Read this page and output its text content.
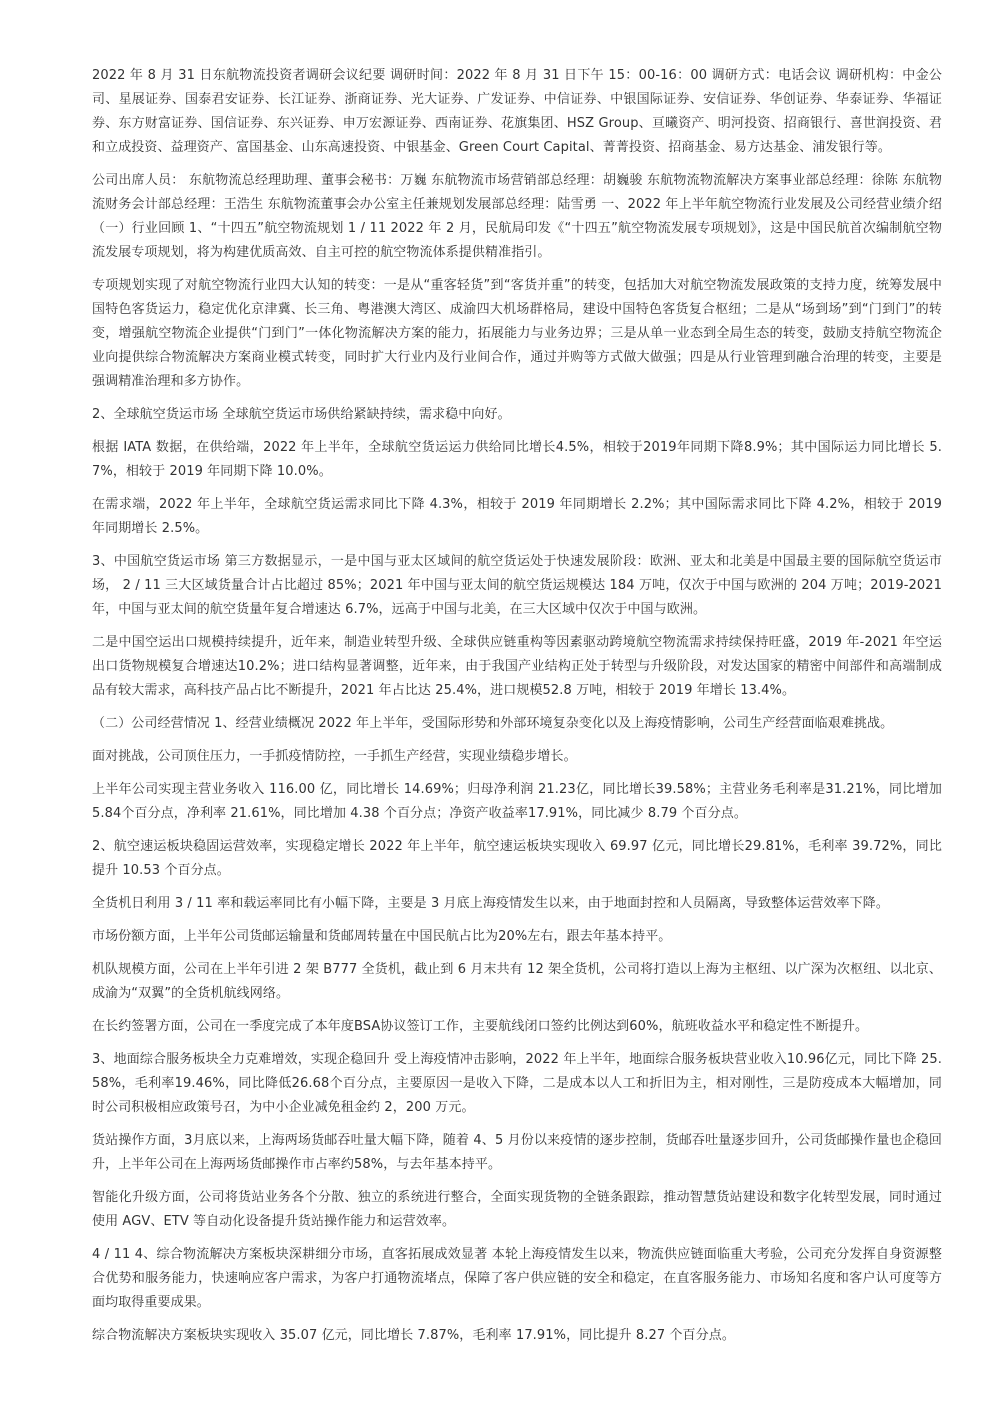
2022 年 8 月 31 日东航物流投资者调研会议纪要 调研时间：2022 年 8 月 31 日下午 15：00-16：00 调研方式：电话会议 调研机构：中金公司、星展证券、国泰君安证券、长江证券、浙商证券、光大证券、广发证券、中信证券、中银国际证券、安信证券、华创证券、华泰证券、华福证券、东方财富证券、国信证券、东兴证券、申万宏源证券、西南证券、花旗集团、HSZ Group、亘曦资产、明河投资、招商银行、喜世润投资、君和立成投资、益理资产、富国基金、山东高速投资、中银基金、Green Court Capital、菁菁投资、招商基金、易方达基金、浦发银行等。

公司出席人员： 东航物流总经理助理、董事会秘书：万巍 东航物流市场营销部总经理：胡巍骏 东航物流物流解决方案事业部总经理：徐陈 东航物流财务会计部总经理：王浩生 东航物流董事会办公室主任兼规划发展部总经理：陆雪勇 一、2022 年上半年航空物流行业发展及公司经营业绩介绍 （一）行业回顾 1、“十四五”航空物流规划 1 / 11 2022 年 2 月，民航局印发《“十四五”航空物流发展专项规划》，这是中国民航首次编制航空物流发展专项规划，将为构建优质高效、自主可控的航空物流体系提供精准指引。

专项规划实现了对航空物流行业四大认知的转变：一是从“重客轻货”到“客货并重”的转变，包括加大对航空物流发展政策的支持力度，统筹发展中国特色客货运力，稳定优化京津冀、长三角、粤港澳大湾区、成渝四大机场群格局，建设中国特色客货复合枢纽；二是从“场到场”到“门到门”的转变，增强航空物流企业提供“门到门”一体化物流解决方案的能力，拓展能力与业务边界；三是从单一业态到全局生态的转变，鼓励支持航空物流企业向提供综合物流解决方案商业模式转变，同时扩大行业内及行业间合作，通过并购等方式做大做强；四是从行业管理到融合治理的转变，主要是强调精准治理和多方协作。

2、全球航空货运市场 全球航空货运市场供给紧缺持续，需求稳中向好。

根据 IATA 数据，在供给端，2022 年上半年，全球航空货运运力供给同比增长4.5%，相较于2019年同期下降8.9%；其中国际运力同比增长 5.7%，相较于 2019 年同期下降 10.0%。

在需求端，2022 年上半年，全球航空货运需求同比下降 4.3%，相较于 2019 年同期增长 2.2%；其中国际需求同比下降 4.2%，相较于 2019 年同期增长 2.5%。

3、中国航空货运市场 第三方数据显示，一是中国与亚太区域间的航空货运处于快速发展阶段：欧洲、亚太和北美是中国最主要的国际航空货运市场， 2 / 11 三大区域货量合计占比超过 85%；2021 年中国与亚太间的航空货运规模达 184 万吨，仅次于中国与欧洲的 204 万吨；2019-2021 年，中国与亚太间的航空货量年复合增速达 6.7%，远高于中国与北美，在三大区域中仅次于中国与欧洲。

二是中国空运出口规模持续提升，近年来，制造业转型升级、全球供应链重构等因素驱动跨境航空物流需求持续保持旺盛，2019 年-2021 年空运出口货物规模复合增速达10.2%；进口结构显著调整，近年来，由于我国产业结构正处于转型与升级阶段，对发达国家的精密中间部件和高端制成品有较大需求，高科技产品占比不断提升，2021 年占比达 25.4%，进口规模52.8 万吨，相较于 2019 年增长 13.4%。

（二）公司经营情况 1、经营业绩概况 2022 年上半年，受国际形势和外部环境复杂变化以及上海疫情影响，公司生产经营面临艰难挑战。

面对挑战，公司顶住压力，一手抓疫情防控，一手抓生产经营，实现业绩稳步增长。

上半年公司实现主营业务收入 116.00 亿，同比增长 14.69%；归母净利润 21.23亿，同比增长39.58%；主营业务毛利率是31.21%，同比增加5.84个百分点，净利率 21.61%，同比增加 4.38 个百分点；净资产收益率17.91%，同比减少 8.79 个百分点。

2、航空速运板块稳固运营效率，实现稳定增长 2022 年上半年，航空速运板块实现收入 69.97 亿元，同比增长29.81%，毛利率 39.72%，同比提升 10.53 个百分点。

全货机日利用 3 / 11 率和载运率同比有小幅下降，主要是 3 月底上海疫情发生以来，由于地面封控和人员隔离，导致整体运营效率下降。

市场份额方面，上半年公司货邮运输量和货邮周转量在中国民航占比为20%左右，跟去年基本持平。

机队规模方面，公司在上半年引进 2 架 B777 全货机，截止到 6 月末共有 12 架全货机，公司将打造以上海为主枢纽、以广深为次枢纽、以北京、成渝为“双翼”的全货机航线网络。

在长约签署方面，公司在一季度完成了本年度BSA协议签订工作，主要航线闭口签约比例达到60%，航班收益水平和稳定性不断提升。

3、地面综合服务板块全力克难增效，实现企稳回升 受上海疫情冲击影响，2022 年上半年，地面综合服务板块营业收入10.96亿元，同比下降 25.58%，毛利率19.46%，同比降低26.68个百分点，主要原因一是收入下降，二是成本以人工和折旧为主，相对刚性，三是防疫成本大幅增加，同时公司积极相应政策号召，为中小企业减免租金约 2，200 万元。

货站操作方面，3月底以来，上海两场货邮吞吐量大幅下降，随着 4、5 月份以来疫情的逐步控制，货邮吞吐量逐步回升，公司货邮操作量也企稳回升，上半年公司在上海两场货邮操作市占率约58%，与去年基本持平。

智能化升级方面，公司将货站业务各个分散、独立的系统进行整合，全面实现货物的全链条跟踪，推动智慧货站建设和数字化转型发展，同时通过使用 AGV、ETV 等自动化设备提升货站操作能力和运营效率。

4 / 11 4、综合物流解决方案板块深耕细分市场，直客拓展成效显著 本轮上海疫情发生以来，物流供应链面临重大考验，公司充分发挥自身资源整合优势和服务能力，快速响应客户需求，为客户打通物流堵点，保障了客户供应链的安全和稳定，在直客服务能力、市场知名度和客户认可度等方面均取得重要成果。

综合物流解决方案板块实现收入 35.07 亿元，同比增长 7.87%，毛利率 17.91%，同比提升 8.27 个百分点。
